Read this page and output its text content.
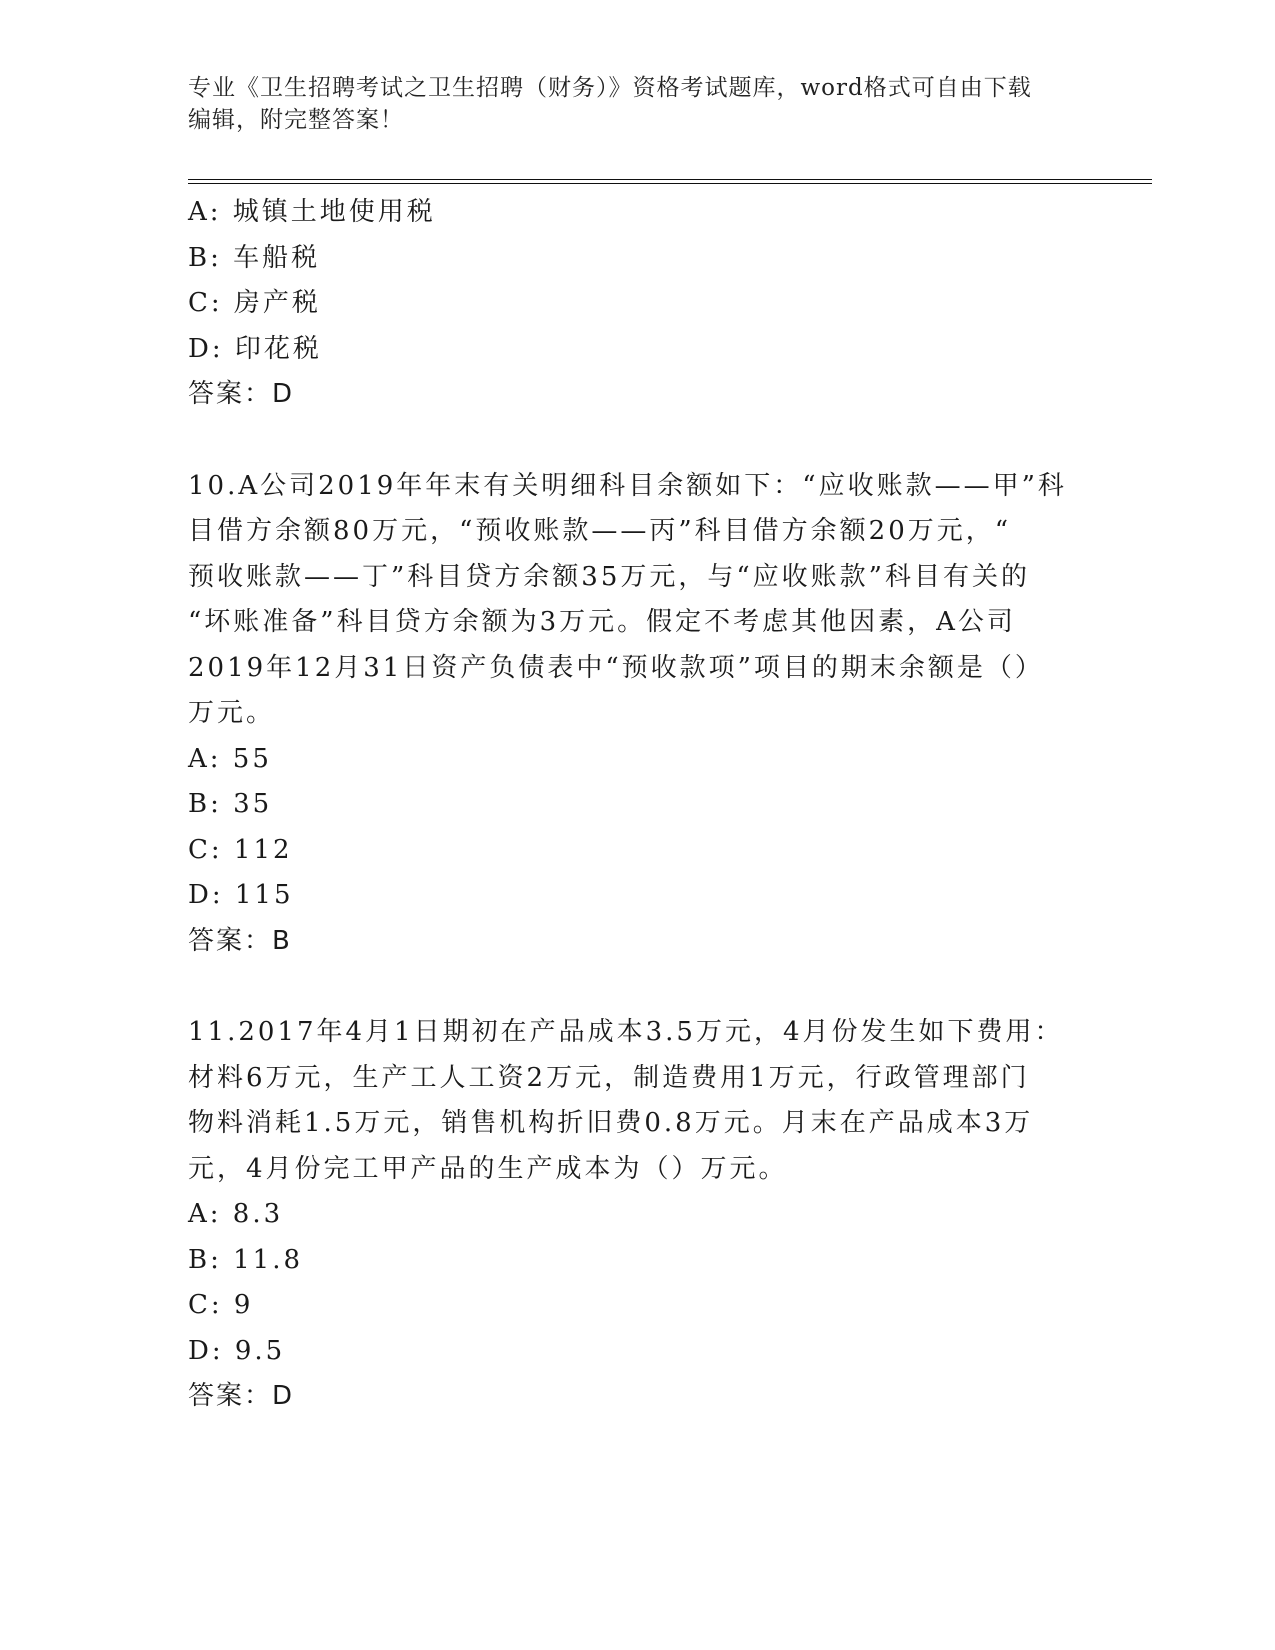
专业《卫生招聘考试之卫生招聘（财务）》资格考试题库，word格式可自由下载
编辑，附完整答案！
A: 城镇土地使用税
B: 车船税
C: 房产税
D: 印花税
答案：D
10.A公司2019年年末有关明细科目余额如下：“应收账款——甲”科
目借方余额80万元，“预收账款——丙”科目借方余额20万元，“
预收账款——丁”科目贷方余额35万元，与“应收账款”科目有关的
“坏账准备”科目贷方余额为3万元。假定不考虑其他因素，A公司
2019年12月31日资产负债表中“预收款项”项目的期末余额是（）
万元。
A: 55
B: 35
C: 112
D: 115
答案：B
11.2017年4月1日期初在产品成本3.5万元，4月份发生如下费用：
材料6万元，生产工人工资2万元，制造费用1万元，行政管理部门
物料消耗1.5万元，销售机构折旧费0.8万元。月末在产品成本3万
元，4月份完工甲产品的生产成本为（）万元。
A: 8.3
B: 11.8
C: 9
D: 9.5
答案：D
